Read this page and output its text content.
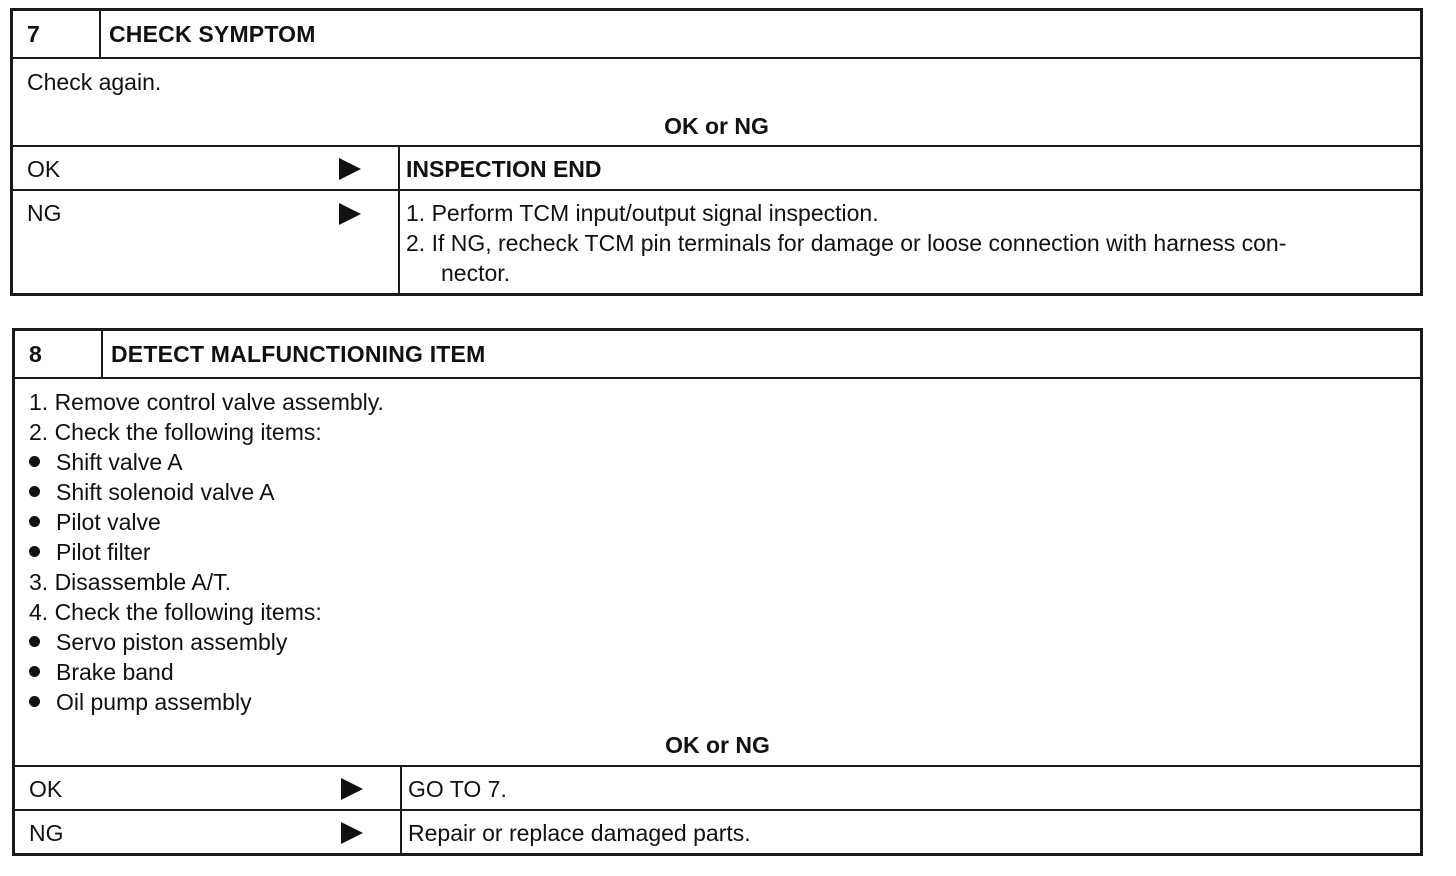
7	CHECK SYMPTOM
Check again.
OK or NG
OK	INSPECTION END
NG	1. Perform TCM input/output signal inspection.
2. If NG, recheck TCM pin terminals for damage or loose connection with harness con-
nector.
8	DETECT MALFUNCTIONING ITEM
1. Remove control valve assembly.
2. Check the following items:
Shift valve A
Shift solenoid valve A
Pilot valve
Pilot filter
3. Disassemble A/T.
4. Check the following items:
Servo piston assembly
Brake band
Oil pump assembly
OK or NG
OK	GO TO 7.
NG	Repair or replace damaged parts.
